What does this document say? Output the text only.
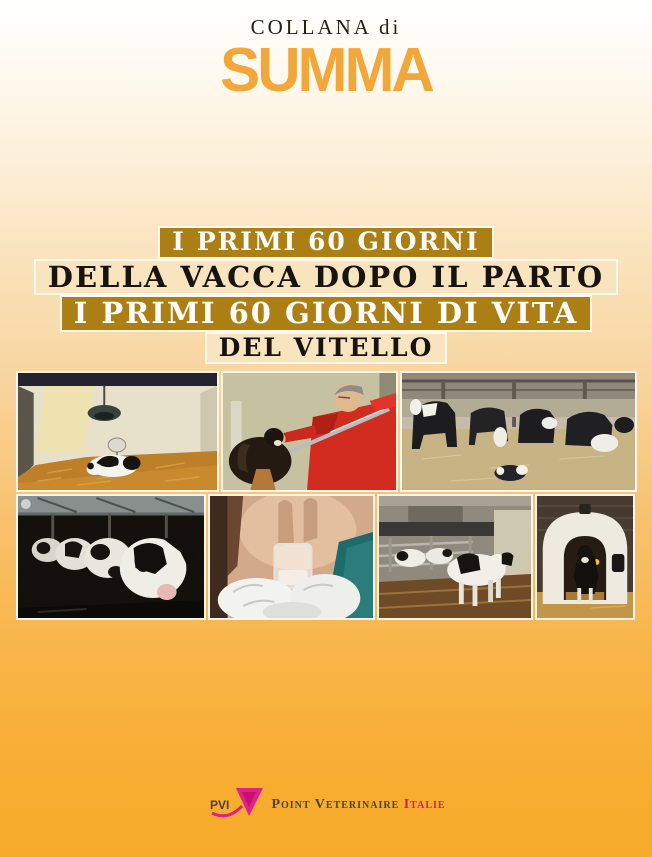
COLLANA di
SUMMA
I PRIMI 60 GIORNI
DELLA VACCA DOPO IL PARTO
I PRIMI 60 GIORNI DI VITA
DEL VITELLO
PVI	Point Veterinaire Italie
